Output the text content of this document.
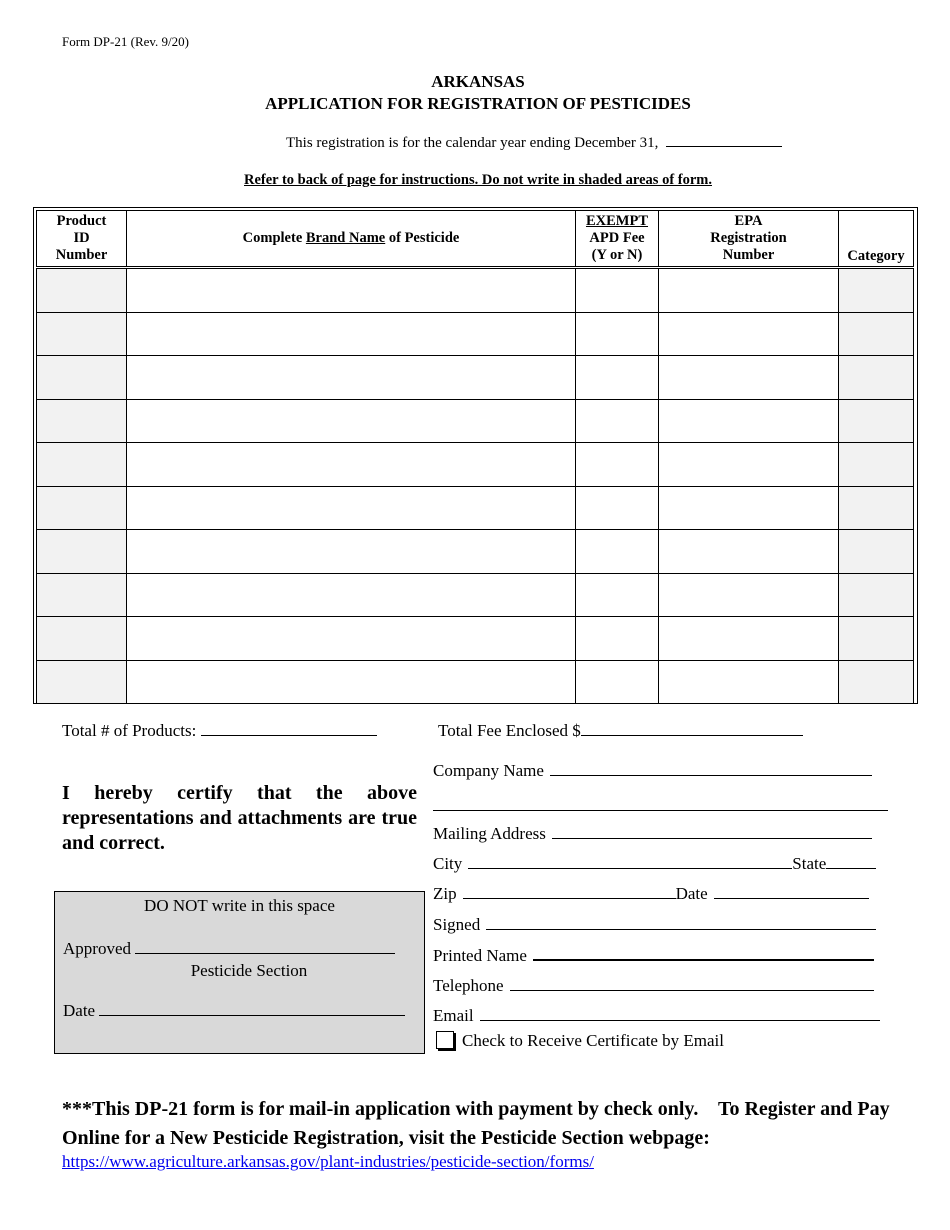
Form DP-21 (Rev. 9/20)
ARKANSAS
APPLICATION FOR REGISTRATION OF PESTICIDES
This registration is for the calendar year ending December 31,
Refer to back of page for instructions. Do not write in shaded areas of form.
Product
ID
Number	Complete Brand Name of Pesticide	EXEMPT
APD Fee
(Y or N)	EPA
Registration
Number	Category

Total # of Products:	Total Fee Enclosed $
I hereby certify that the above representations and attachments are true and correct.
Company Name
Mailing Address
City	State
Zip	Date
Signed
Printed Name
Telephone
Email
Check to Receive Certificate by Email
DO NOT write in this space
Approved
Pesticide Section
Date
***This DP-21 form is for mail-in application with payment by check only.    To Register and Pay Online for a New Pesticide Registration, visit the Pesticide Section webpage:
https://www.agriculture.arkansas.gov/plant-industries/pesticide-section/forms/
